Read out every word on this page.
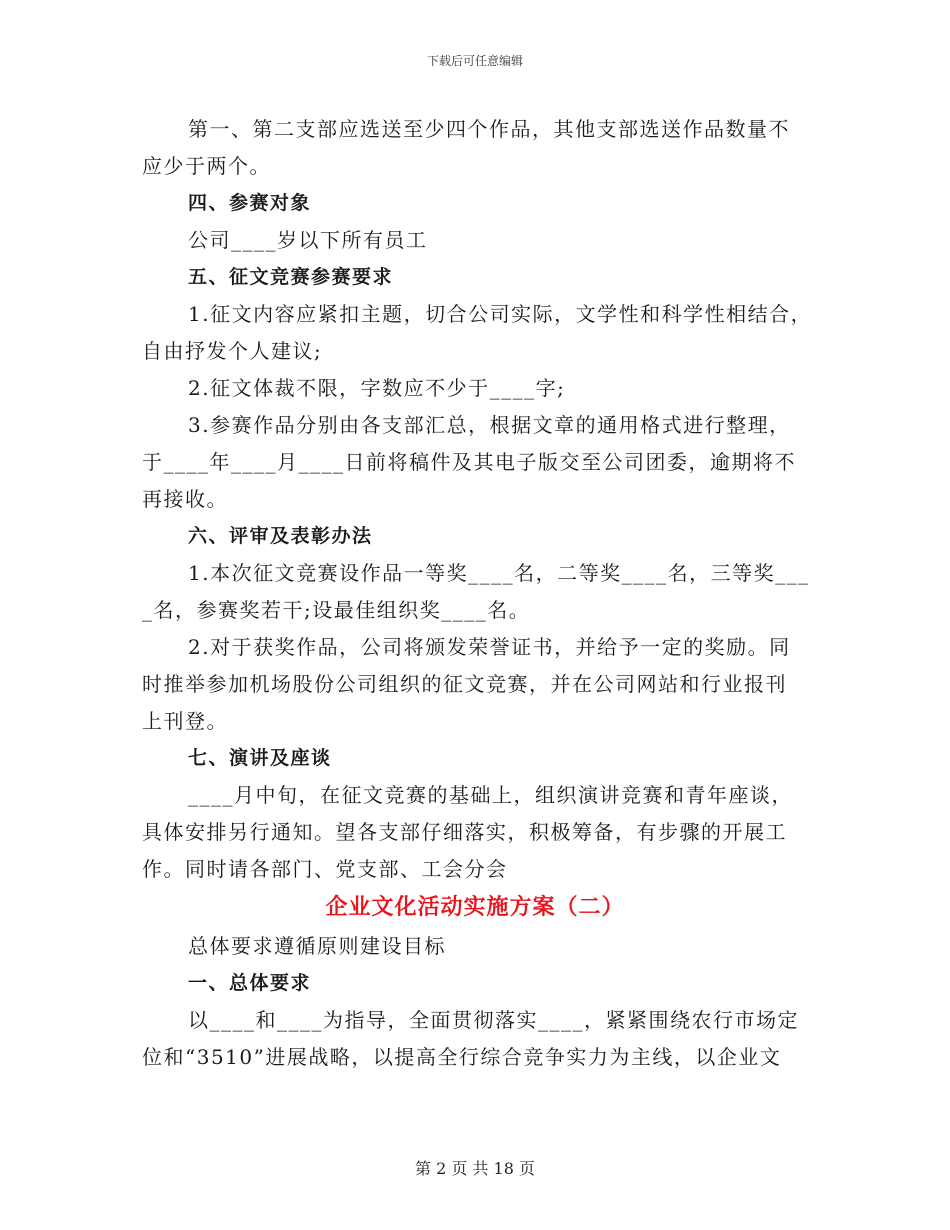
下载后可任意编辑
第一、第二支部应选送至少四个作品，其他支部选送作品数量不
应少于两个。
四、参赛对象
公司____岁以下所有员工
五、征文竞赛参赛要求
1.征文内容应紧扣主题，切合公司实际，文学性和科学性相结合，
自由抒发个人建议;
2.征文体裁不限，字数应不少于____字;
3.参赛作品分别由各支部汇总，根据文章的通用格式进行整理，
于____年____月____日前将稿件及其电子版交至公司团委，逾期将不
再接收。
六、评审及表彰办法
1.本次征文竞赛设作品一等奖____名，二等奖____名，三等奖___
_名，参赛奖若干;设最佳组织奖____名。
2.对于获奖作品，公司将颁发荣誉证书，并给予一定的奖励。同
时推举参加机场股份公司组织的征文竞赛，并在公司网站和行业报刊
上刊登。
七、演讲及座谈
____月中旬，在征文竞赛的基础上，组织演讲竞赛和青年座谈，
具体安排另行通知。望各支部仔细落实，积极筹备，有步骤的开展工
作。同时请各部门、党支部、工会分会
企业文化活动实施方案（二）
总体要求遵循原则建设目标
一、总体要求
以____和____为指导，全面贯彻落实____，紧紧围绕农行市场定
位和“3510”进展战略，以提高全行综合竞争实力为主线，以企业文
第 2 页 共 18 页
